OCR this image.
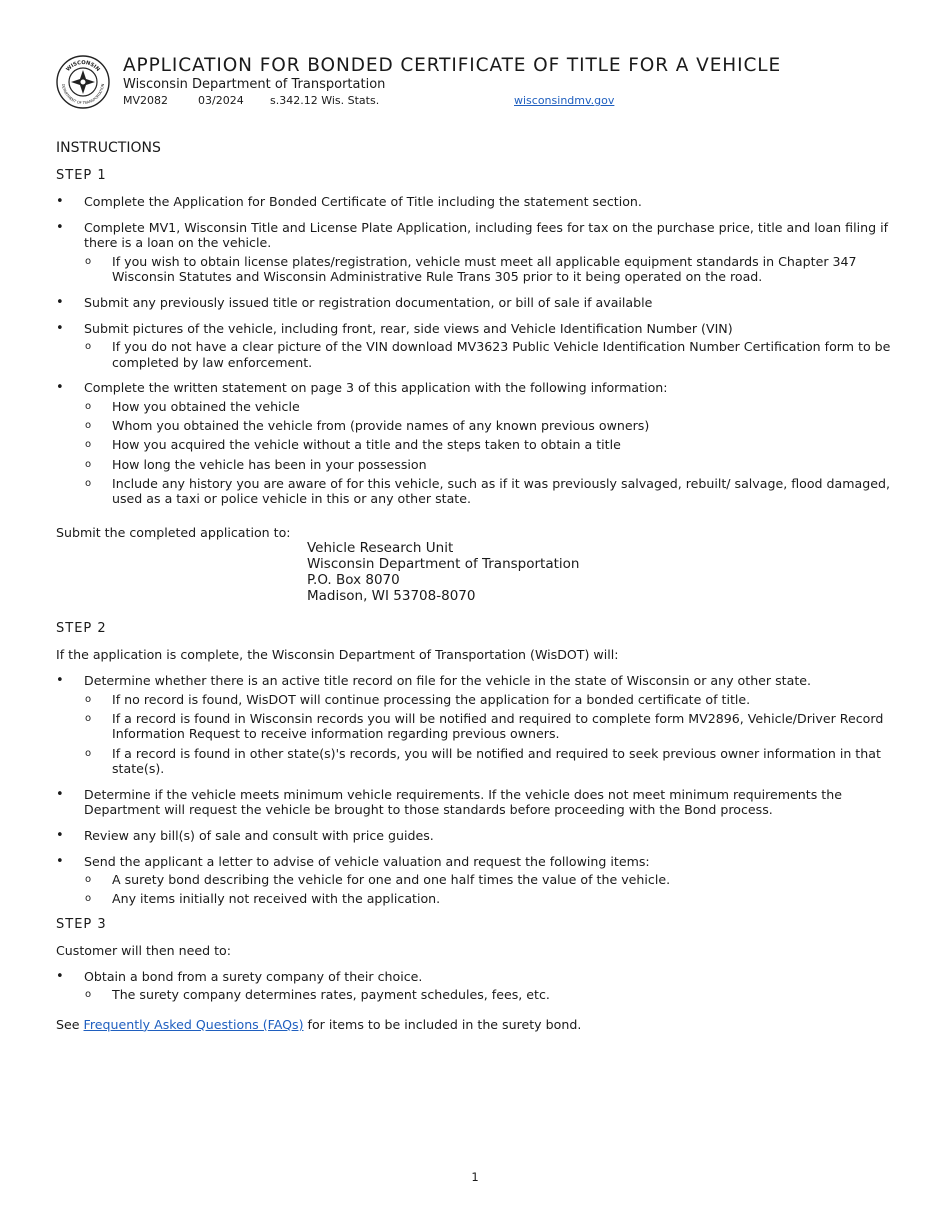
WISCONSIN
DEPARTMENT OF TRANSPORTATION
APPLICATION FOR BONDED CERTIFICATE OF TITLE FOR A VEHICLE
Wisconsin Department of Transportation
MV2082	03/2024 s.342.12 Wis. Stats.	wisconsindmv.gov
INSTRUCTIONS
STEP 1
• Complete the Application for Bonded Certificate of Title including the statement section.
• Complete MV1, Wisconsin Title and License Plate Application, including fees for tax on the purchase price, title and loan filing if there is a loan on the vehicle.
o If you wish to obtain license plates/registration, vehicle must meet all applicable equipment standards in Chapter 347 Wisconsin Statutes and Wisconsin Administrative Rule Trans 305 prior to it being operated on the road.
• Submit any previously issued title or registration documentation, or bill of sale if available
• Submit pictures of the vehicle, including front, rear, side views and Vehicle Identification Number (VIN)
o If you do not have a clear picture of the VIN download MV3623 Public Vehicle Identification Number Certification form to be completed by law enforcement.
• Complete the written statement on page 3 of this application with the following information:
o How you obtained the vehicle
o Whom you obtained the vehicle from (provide names of any known previous owners)
o How you acquired the vehicle without a title and the steps taken to obtain a title
o How long the vehicle has been in your possession
o Include any history you are aware of for this vehicle, such as if it was previously salvaged, rebuilt/ salvage, flood damaged, used as a taxi or police vehicle in this or any other state.
Submit the completed application to:
Vehicle Research Unit
Wisconsin Department of Transportation
P.O. Box 8070
Madison, WI 53708-8070
STEP 2
If the application is complete, the Wisconsin Department of Transportation (WisDOT) will:
• Determine whether there is an active title record on file for the vehicle in the state of Wisconsin or any other state.
o If no record is found, WisDOT will continue processing the application for a bonded certificate of title.
o If a record is found in Wisconsin records you will be notified and required to complete form MV2896, Vehicle/Driver Record Information Request to receive information regarding previous owners.
o If a record is found in other state(s)'s records, you will be notified and required to seek previous owner information in that state(s).
• Determine if the vehicle meets minimum vehicle requirements. If the vehicle does not meet minimum requirements the Department will request the vehicle be brought to those standards before proceeding with the Bond process.
• Review any bill(s) of sale and consult with price guides.
• Send the applicant a letter to advise of vehicle valuation and request the following items:
o A surety bond describing the vehicle for one and one half times the value of the vehicle.
o Any items initially not received with the application.
STEP 3
Customer will then need to:
• Obtain a bond from a surety company of their choice.
o The surety company determines rates, payment schedules, fees, etc.
See Frequently Asked Questions (FAQs) for items to be included in the surety bond.
1
